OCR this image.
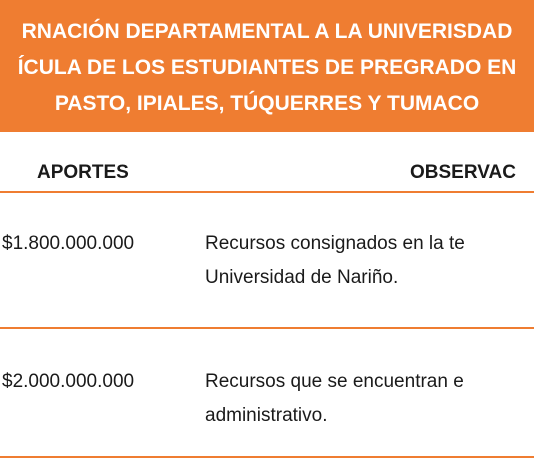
RNACIÓN DEPARTAMENTAL A LA UNIVERISDAD
ÍCULA DE LOS ESTUDIANTES DE PREGRADO EN
PASTO, IPIALES, TÚQUERRES Y TUMACO
APORTES	OBSERVAC
$1.800.000.000	Recursos consignados en la te
Universidad de Nariño.
$2.000.000.000	Recursos que se encuentran e
administrativo.
